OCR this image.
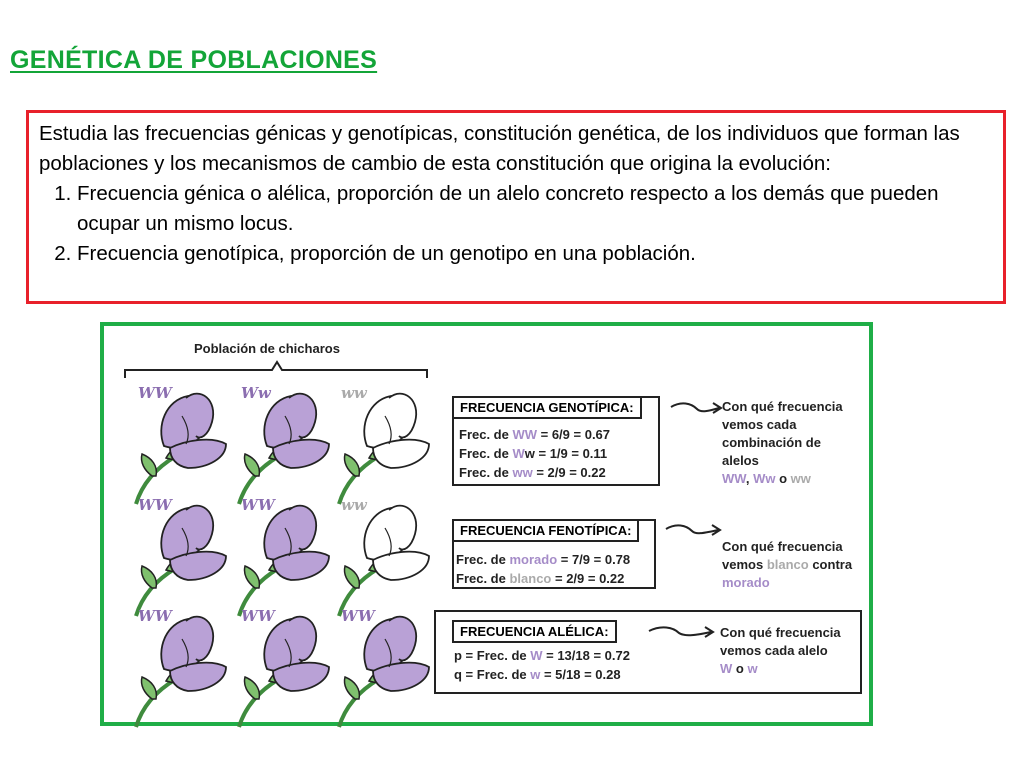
GENÉTICA DE POBLACIONES

Estudia las frecuencias génicas y genotípicas, constitución genética, de los individuos que forman las poblaciones y los mecanismos de cambio de esta constitución que origina la evolución:

1. Frecuencia génica o alélica, proporción de un alelo concreto respecto a los demás que pueden ocupar un mismo locus.
2. Frecuencia genotípica, proporción de un genotipo en una población.
Población de chicharos
WW	Ww	ww
WW	WW	ww
WW	WW	WW
FRECUENCIA GENOTÍPICA:
Frec. de WW = 6/9 = 0.67
Frec. de Ww = 1/9 = 0.11
Frec. de ww = 2/9 = 0.22
Con qué frecuencia
vemos cada
combinación de
alelos
WW, Ww o ww
FRECUENCIA FENOTÍPICA:
Frec. de morado = 7/9 = 0.78
Frec. de blanco = 2/9 = 0.22
Con qué frecuencia
vemos blanco contra
morado
FRECUENCIA ALÉLICA:
p = Frec. de W = 13/18 = 0.72
q = Frec. de w = 5/18 = 0.28
Con qué frecuencia
vemos cada alelo
W o w
